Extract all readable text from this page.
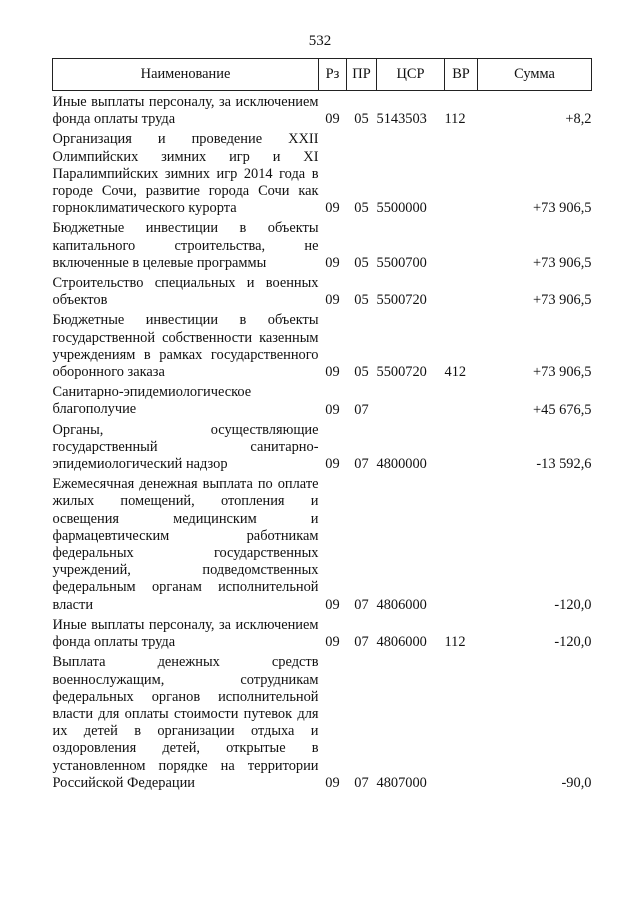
532
Наименование	Рз	ПР	ЦСР	ВР	Сумма

Иные выплаты персоналу, за исключением фонда оплаты труда	09	05	5143503	112	+8,2
Организация и проведение XXII Олимпийских зимних игр и XI Паралимпийских зимних игр 2014 года в городе Сочи, развитие города Сочи как горноклиматического курорта	09	05	5500000		+73 906,5
Бюджетные инвестиции в объекты капитального строительства, не включенные в целевые программы	09	05	5500700		+73 906,5
Строительство специальных и военных объектов	09	05	5500720		+73 906,5
Бюджетные инвестиции в объекты государственной собственности казенным учреждениям в рамках государственного оборонного заказа	09	05	5500720	412	+73 906,5
Санитарно-эпидемиологическое благополучие	09	07			+45 676,5
Органы, осуществляющие государственный санитарно-эпидемиологический надзор	09	07	4800000		-13 592,6
Ежемесячная денежная выплата по оплате жилых помещений, отопления и освещения медицинским и фармацевтическим работникам федеральных государственных учреждений, подведомственных федеральным органам исполнительной власти	09	07	4806000		-120,0
Иные выплаты персоналу, за исключением фонда оплаты труда	09	07	4806000	112	-120,0
Выплата денежных средств военнослужащим, сотрудникам федеральных органов исполнительной власти для оплаты стоимости путевок для их детей в организации отдыха и оздоровления детей, открытые в установленном порядке на территории Российской Федерации	09	07	4807000		-90,0
